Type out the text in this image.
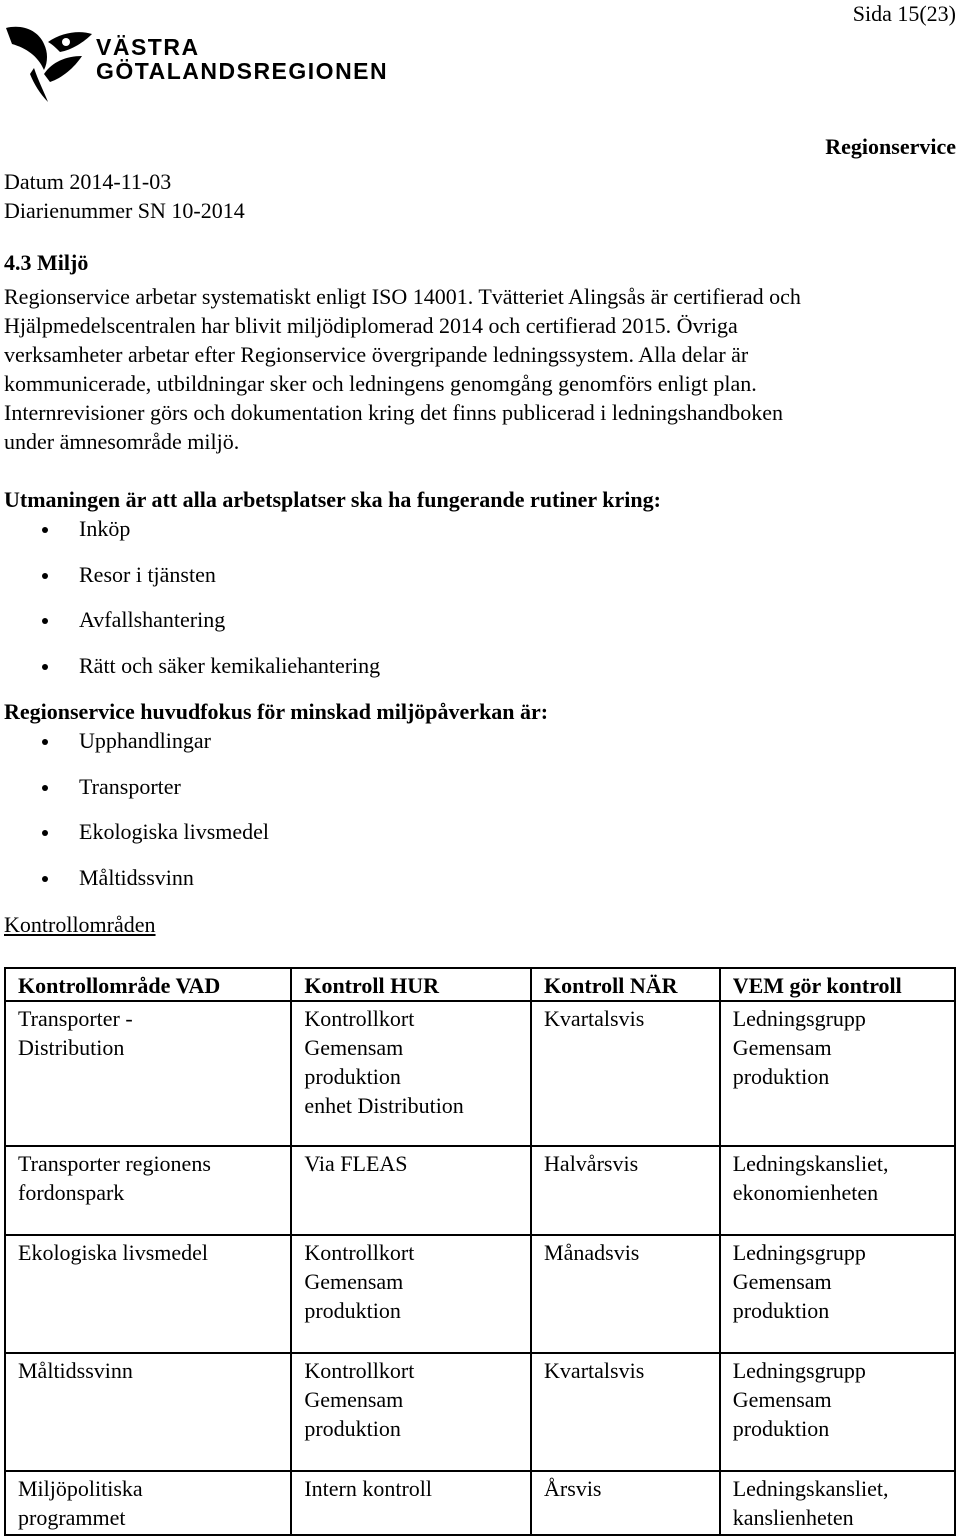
Sida 15(23)
VÄSTRA
GÖTALANDSREGIONEN
Regionservice
Datum 2014-11-03
Diarienummer SN 10-2014
4.3 Miljö
Regionservice arbetar systematiskt enligt ISO 14001. Tvätteriet Alingsås är certifierad och
Hjälpmedelscentralen har blivit miljödiplomerad 2014 och certifierad 2015. Övriga
verksamheter arbetar efter Regionservice övergripande ledningssystem. Alla delar är
kommunicerade, utbildningar sker och ledningens genomgång genomförs enligt plan.
Internrevisioner görs och dokumentation kring det finns publicerad i ledningshandboken
under ämnesområde miljö.
Utmaningen är att alla arbetsplatser ska ha fungerande rutiner kring:
Inköp
Resor i tjänsten
Avfallshantering
Rätt och säker kemikaliehantering
Regionservice huvudfokus för minskad miljöpåverkan är:
Upphandlingar
Transporter
Ekologiska livsmedel
Måltidssvinn
Kontrollområden
Kontrollområde VAD	Kontroll HUR	Kontroll NÄR	VEM gör kontroll

Transporter -
Distribution	Kontrollkort
Gemensam
produktion
enhet Distribution	Kvartalsvis	Ledningsgrupp
Gemensam
produktion

Transporter regionens
fordonspark	Via FLEAS	Halvårsvis	Ledningskansliet,
ekonomienheten

Ekologiska livsmedel	Kontrollkort
Gemensam
produktion	Månadsvis	Ledningsgrupp
Gemensam
produktion

Måltidssvinn	Kontrollkort
Gemensam
produktion	Kvartalsvis	Ledningsgrupp
Gemensam
produktion

Miljöpolitiska
programmet	Intern kontroll	Årsvis	Ledningskansliet,
kanslienheten
